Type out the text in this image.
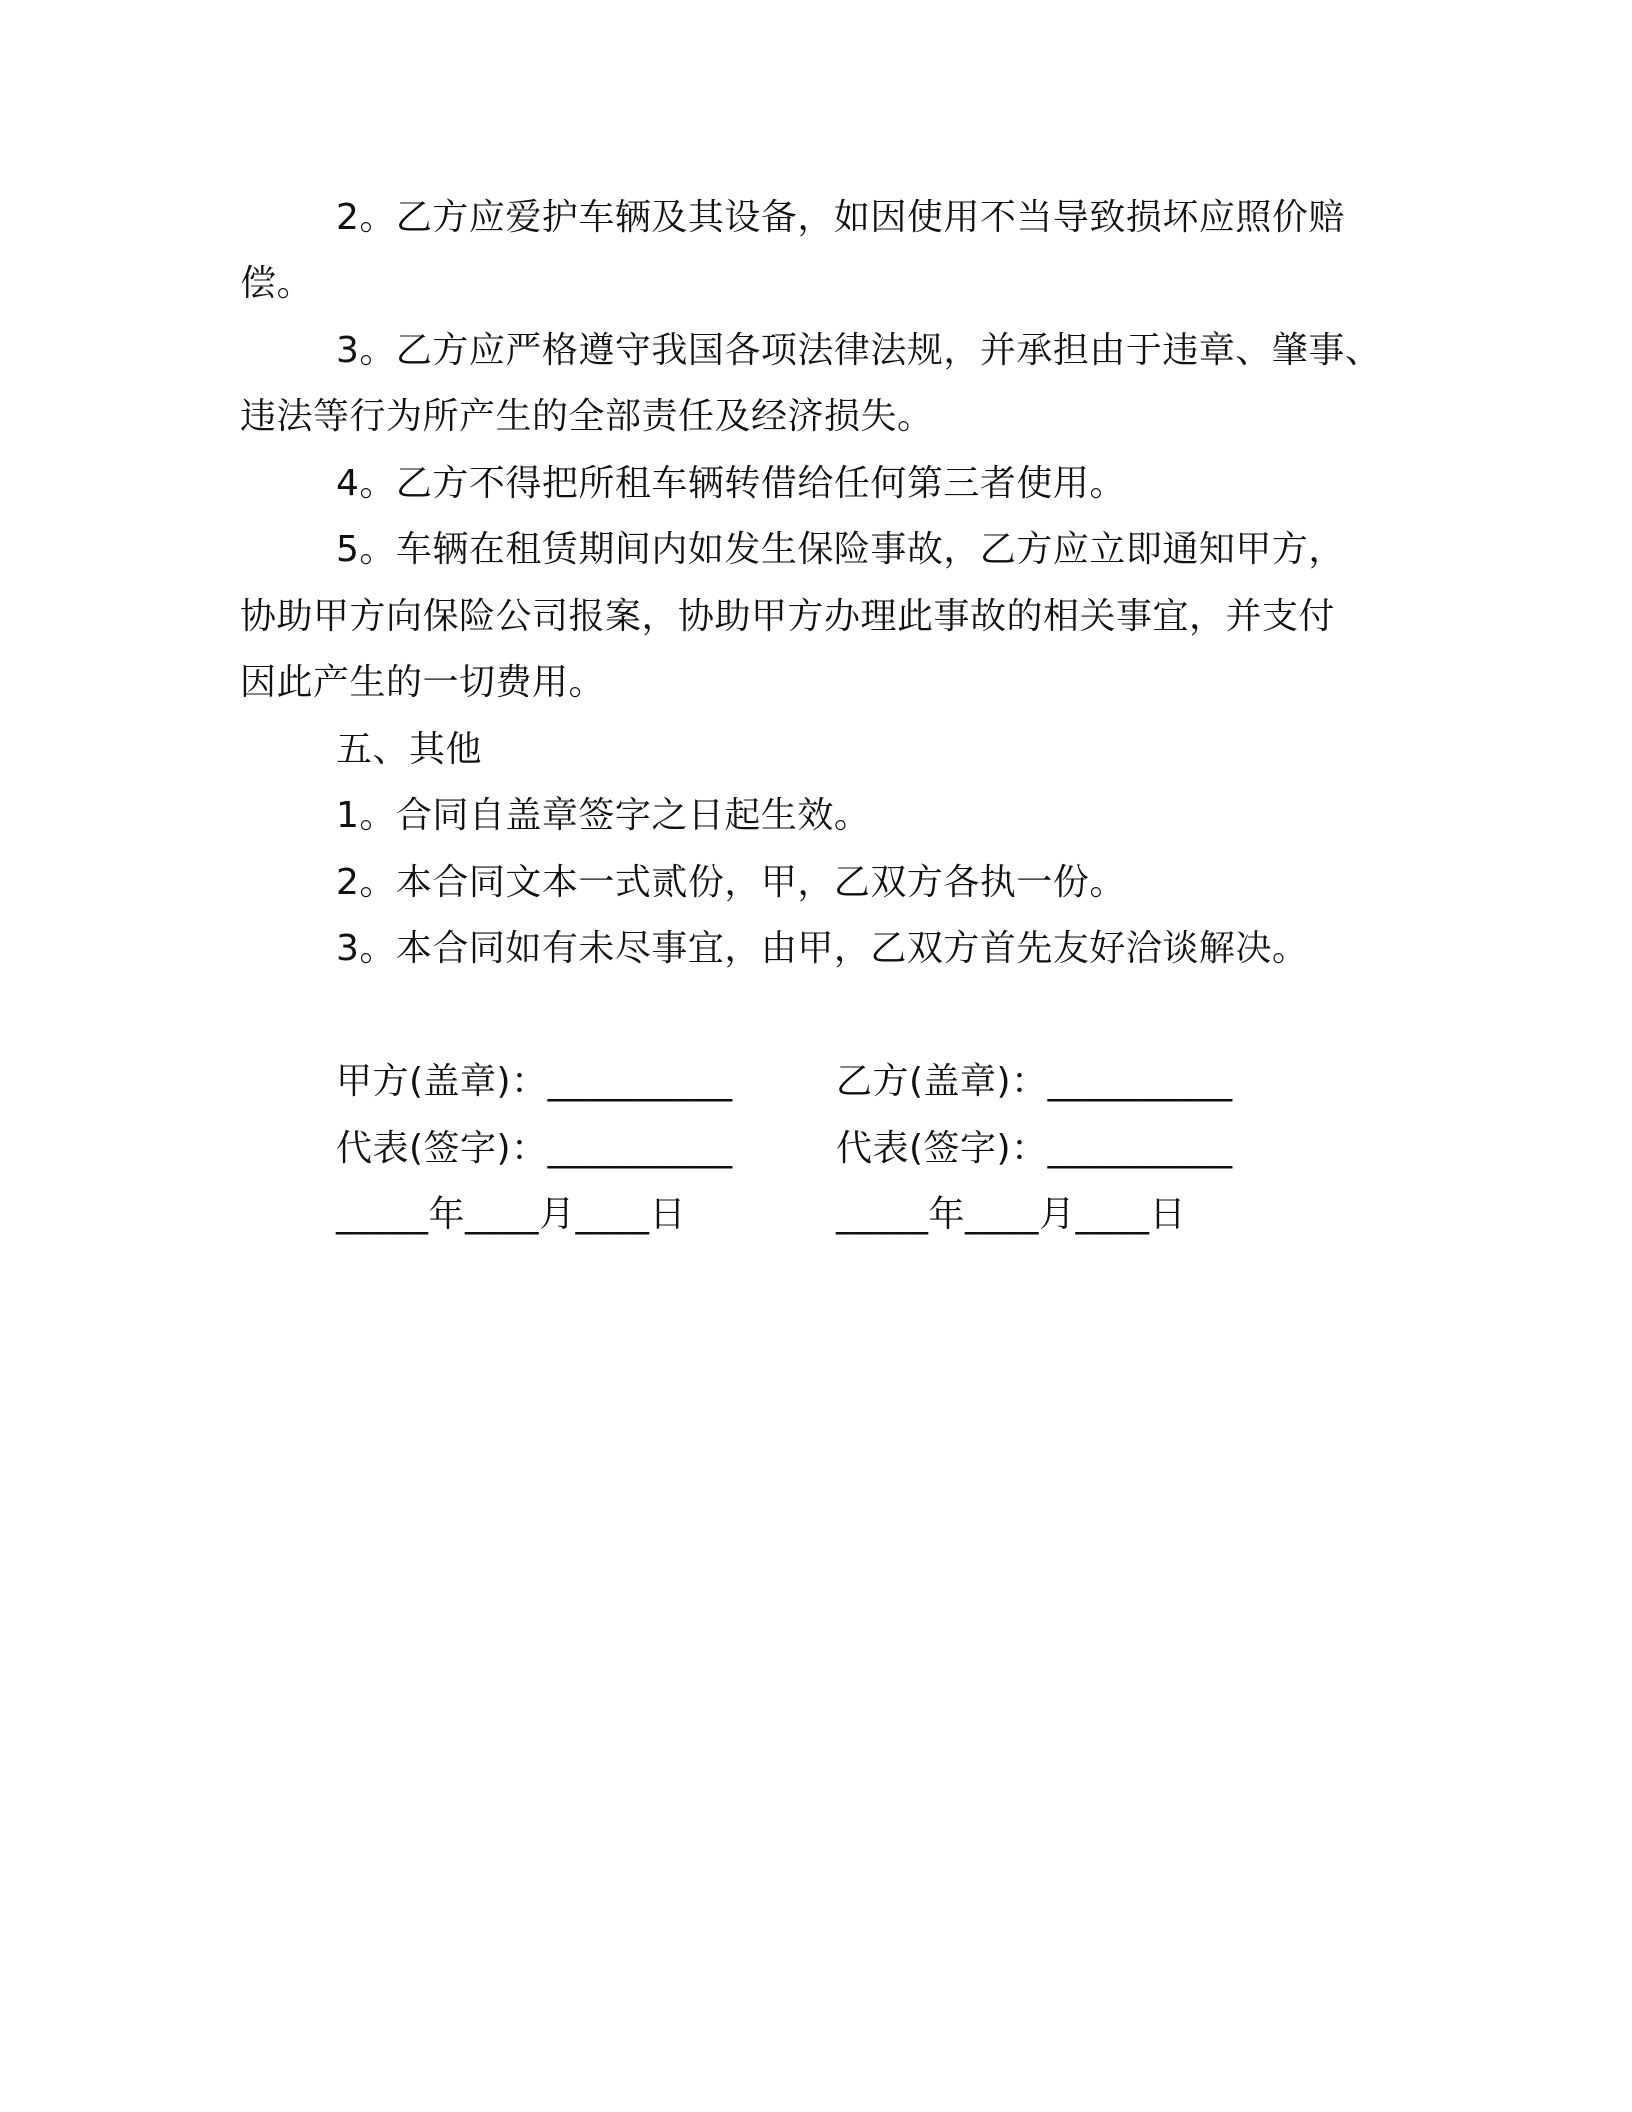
2。乙方应爱护车辆及其设备，如因使用不当导致损坏应照价赔
偿。
3。乙方应严格遵守我国各项法律法规，并承担由于违章、肇事、
违法等行为所产生的全部责任及经济损失。
4。乙方不得把所租车辆转借给任何第三者使用。
5。车辆在租赁期间内如发生保险事故，乙方应立即通知甲方，
协助甲方向保险公司报案，协助甲方办理此事故的相关事宜，并支付
因此产生的一切费用。
五、其他
1。合同自盖章签字之日起生效。
2。本合同文本一式贰份，甲，乙双方各执一份。
3。本合同如有未尽事宜，由甲，乙双方首先友好洽谈解决。
甲方(盖章)：__________	乙方(盖章)：__________
代表(签字)：__________	代表(签字)：__________
_____年____月____日	_____年____月____日
